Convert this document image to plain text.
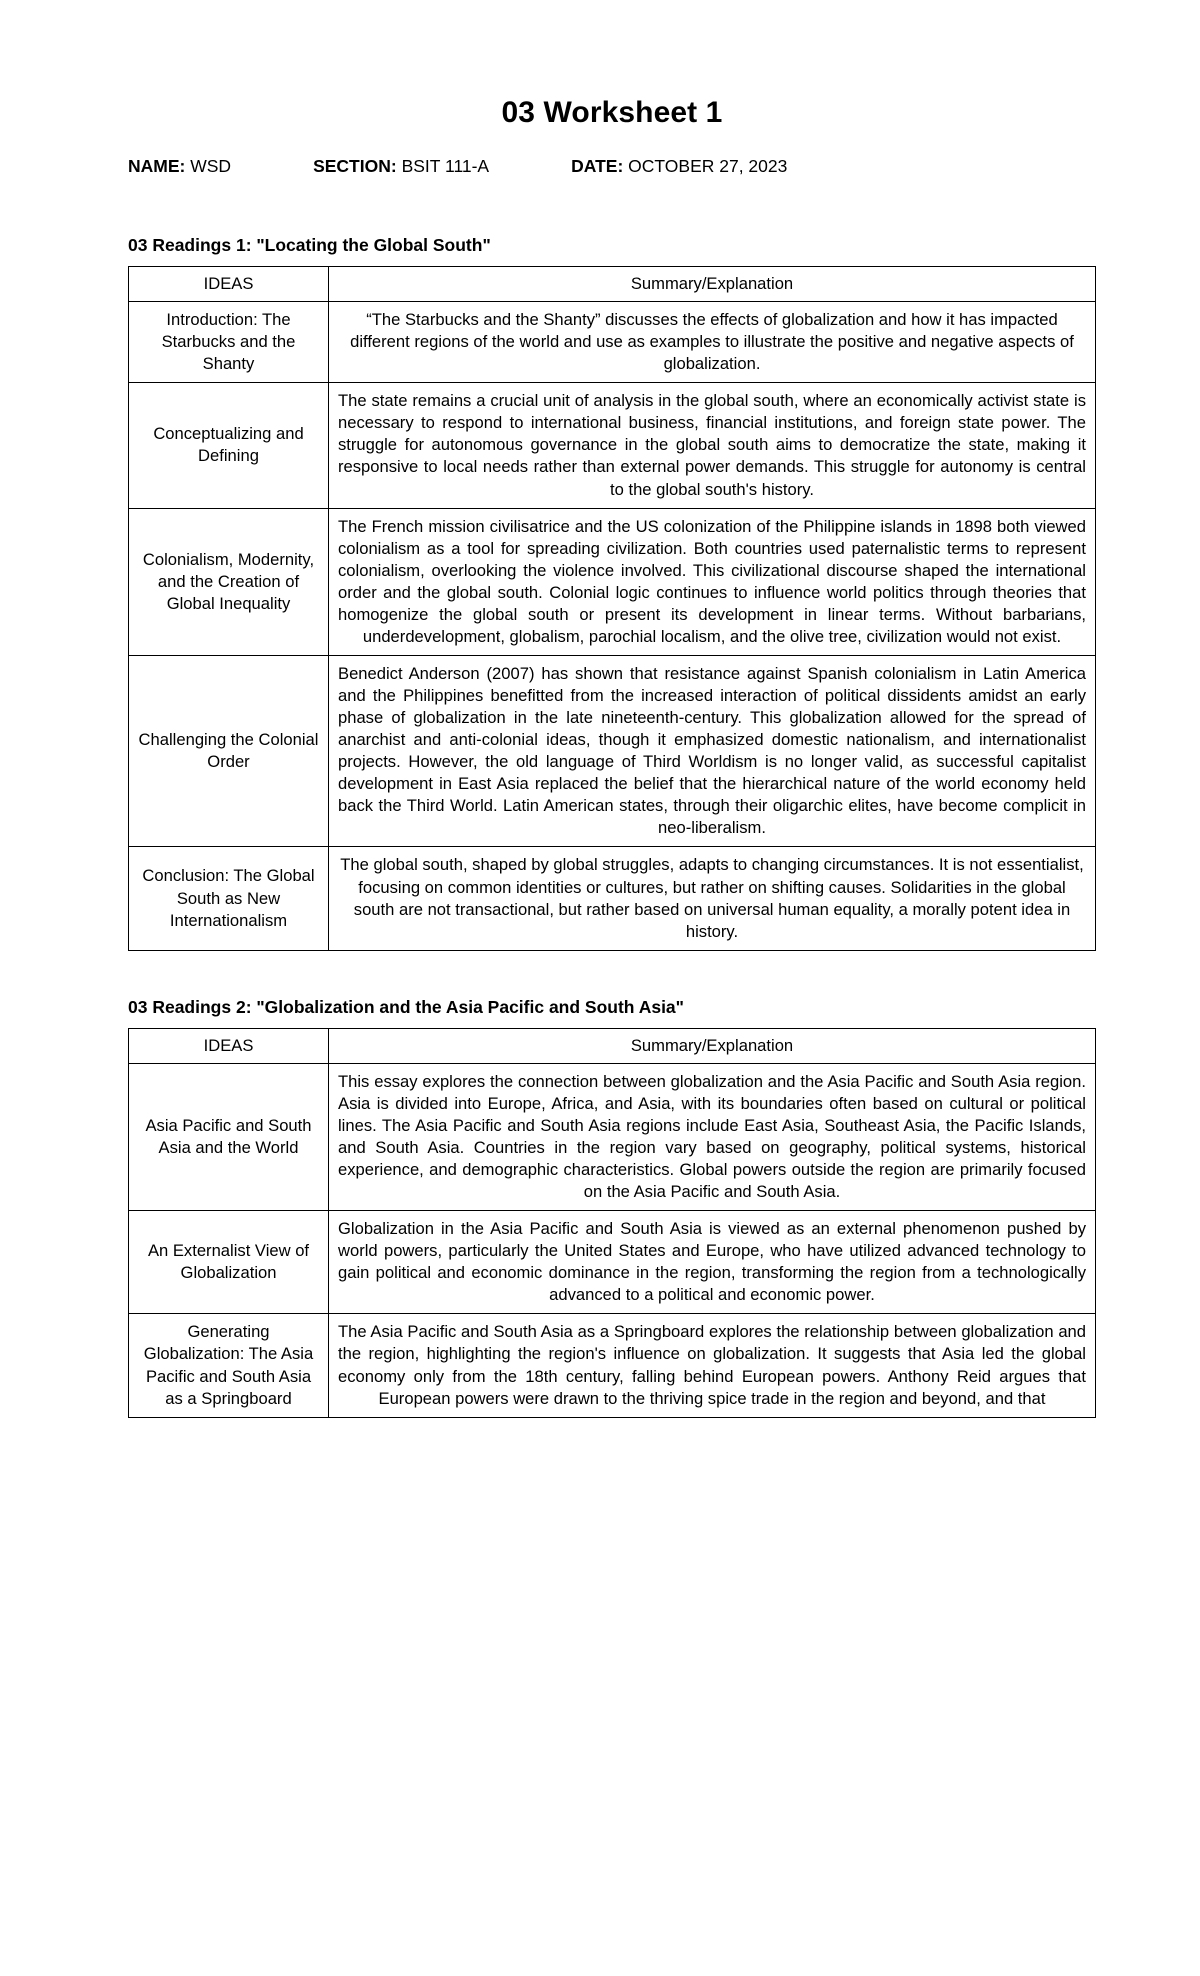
03 Worksheet 1
NAME: WSD	SECTION: BSIT 111-A	DATE: OCTOBER 27, 2023
03 Readings 1: "Locating the Global South"
IDEAS	Summary/Explanation
Introduction: The Starbucks and the Shanty	“The Starbucks and the Shanty” discusses the effects of globalization and how it has impacted different regions of the world and use as examples to illustrate the positive and negative aspects of globalization.
Conceptualizing and Defining	The state remains a crucial unit of analysis in the global south, where an economically activist state is necessary to respond to international business, financial institutions, and foreign state power. The struggle for autonomous governance in the global south aims to democratize the state, making it responsive to local needs rather than external power demands. This struggle for autonomy is central to the global south's history.
Colonialism, Modernity, and the Creation of Global Inequality	The French mission civilisatrice and the US colonization of the Philippine islands in 1898 both viewed colonialism as a tool for spreading civilization. Both countries used paternalistic terms to represent colonialism, overlooking the violence involved. This civilizational discourse shaped the international order and the global south. Colonial logic continues to influence world politics through theories that homogenize the global south or present its development in linear terms. Without barbarians, underdevelopment, globalism, parochial localism, and the olive tree, civilization would not exist.
Challenging the Colonial Order	Benedict Anderson (2007) has shown that resistance against Spanish colonialism in Latin America and the Philippines benefitted from the increased interaction of political dissidents amidst an early phase of globalization in the late nineteenth-century. This globalization allowed for the spread of anarchist and anti-colonial ideas, though it emphasized domestic nationalism, and internationalist projects. However, the old language of Third Worldism is no longer valid, as successful capitalist development in East Asia replaced the belief that the hierarchical nature of the world economy held back the Third World. Latin American states, through their oligarchic elites, have become complicit in neo-liberalism.
Conclusion: The Global South as New Internationalism	The global south, shaped by global struggles, adapts to changing circumstances. It is not essentialist, focusing on common identities or cultures, but rather on shifting causes. Solidarities in the global south are not transactional, but rather based on universal human equality, a morally potent idea in history.
03 Readings 2: "Globalization and the Asia Pacific and South Asia"
IDEAS	Summary/Explanation
Asia Pacific and South Asia and the World	This essay explores the connection between globalization and the Asia Pacific and South Asia region. Asia is divided into Europe, Africa, and Asia, with its boundaries often based on cultural or political lines. The Asia Pacific and South Asia regions include East Asia, Southeast Asia, the Pacific Islands, and South Asia. Countries in the region vary based on geography, political systems, historical experience, and demographic characteristics. Global powers outside the region are primarily focused on the Asia Pacific and South Asia.
An Externalist View of Globalization	Globalization in the Asia Pacific and South Asia is viewed as an external phenomenon pushed by world powers, particularly the United States and Europe, who have utilized advanced technology to gain political and economic dominance in the region, transforming the region from a technologically advanced to a political and economic power.
Generating Globalization: The Asia Pacific and South Asia as a Springboard	The Asia Pacific and South Asia as a Springboard explores the relationship between globalization and the region, highlighting the region's influence on globalization. It suggests that Asia led the global economy only from the 18th century, falling behind European powers. Anthony Reid argues that European powers were drawn to the thriving spice trade in the region and beyond, and that
